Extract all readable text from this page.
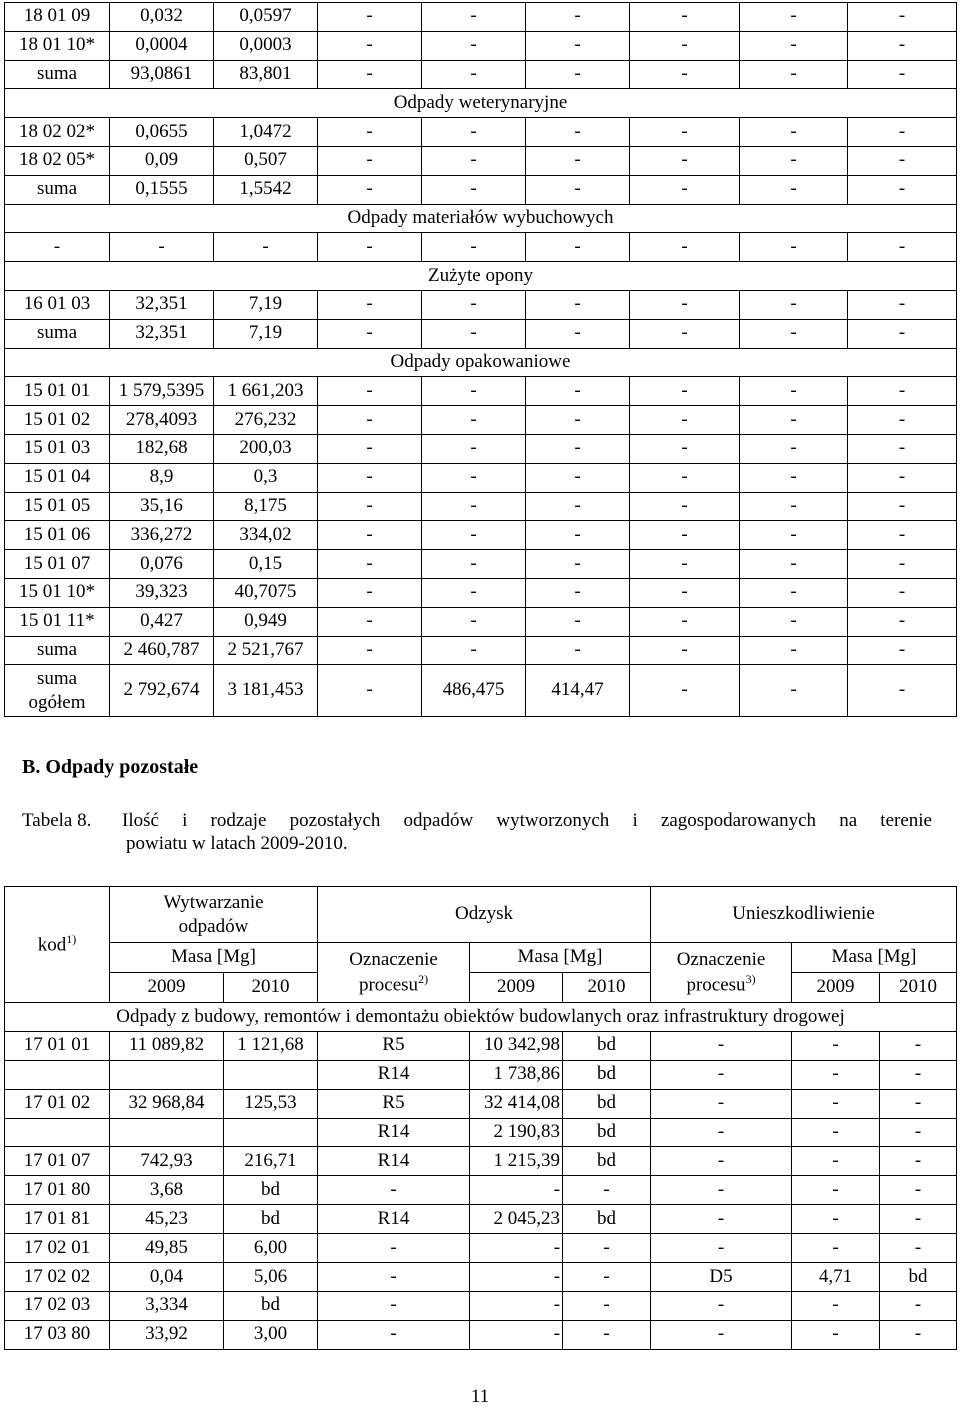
18 01 09	0,032	0,0597	-	-	-	-	-	-
18 01 10*	0,0004	0,0003	-	-	-	-	-	-
suma	93,0861	83,801	-	-	-	-	-	-
Odpady weterynaryjne								
18 02 02*	0,0655	1,0472	-	-	-	-	-	-
18 02 05*	0,09	0,507	-	-	-	-	-	-
suma	0,1555	1,5542	-	-	-	-	-	-
Odpady materiałów wybuchowych								
-	-	-	-	-	-	-	-	-
Zużyte opony								
16 01 03	32,351	7,19	-	-	-	-	-	-
suma	32,351	7,19	-	-	-	-	-	-
Odpady opakowaniowe								
15 01 01	1 579,5395	1 661,203	-	-	-	-	-	-
15 01 02	278,4093	276,232	-	-	-	-	-	-
15 01 03	182,68	200,03	-	-	-	-	-	-
15 01 04	8,9	0,3	-	-	-	-	-	-
15 01 05	35,16	8,175	-	-	-	-	-	-
15 01 06	336,272	334,02	-	-	-	-	-	-
15 01 07	0,076	0,15	-	-	-	-	-	-
15 01 10*	39,323	40,7075	-	-	-	-	-	-
15 01 11*	0,427	0,949	-	-	-	-	-	-
suma	2 460,787	2 521,767	-	-	-	-	-	-
suma ogółem	2 792,674	3 181,453	-	486,475	414,47	-	-	-
B. Odpady pozostałe
Tabela 8. Ilość i rodzaje pozostałych odpadów wytworzonych i zagospodarowanych na terenie
powiatu w latach 2009-2010.
kod$^{1)}$	Wytwarzanie odpadów		Odzysk			Unieszkodliwienie		
	Masa [Mg]		Oznaczenie procesu$^{2)}$	Masa [Mg]		Oznaczenie procesu$^{3)}$	Masa [Mg]	
	2009	2010		2009	2010		2009	2010
Odpady z budowy, remontów i demontażu obiektów budowlanych oraz infrastruktury drogowej								
17 01 01	11 089,82	1 121,68	R5	10 342,98	bd	-	-	-
			R14	1 738,86	bd	-	-	-
17 01 02	32 968,84	125,53	R5	32 414,08	bd	-	-	-
			R14	2 190,83	bd	-	-	-
17 01 07	742,93	216,71	R14	1 215,39	bd	-	-	-
17 01 80	3,68	bd	-	-	-	-	-	-
17 01 81	45,23	bd	R14	2 045,23	bd	-	-	-
17 02 01	49,85	6,00	-	-	-	-	-	-
17 02 02	0,04	5,06	-	-	-	D5	4,71	bd
17 02 03	3,334	bd	-	-	-	-	-	-
17 03 80	33,92	3,00	-	-	-	-	-	-
11
